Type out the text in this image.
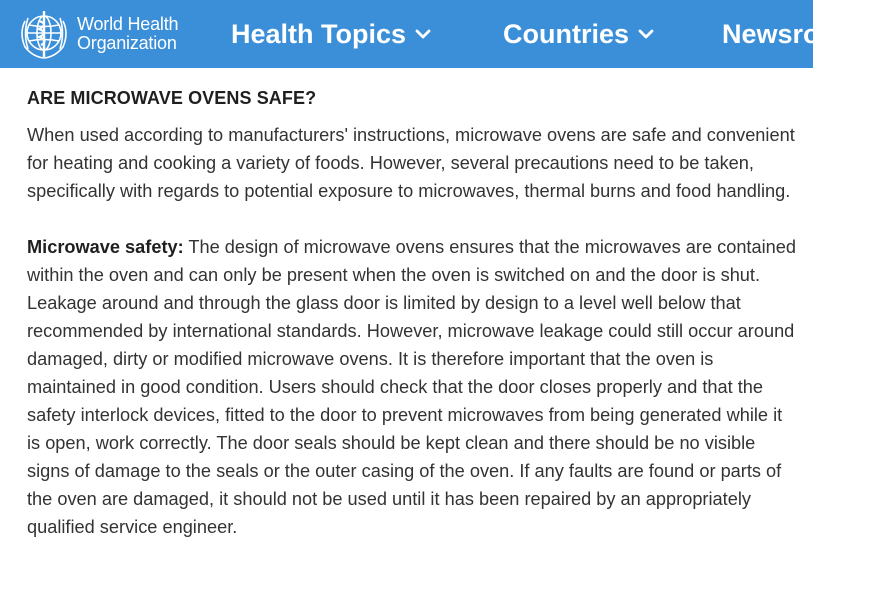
World Health
Organization Health Topics	Countries	Newsroom
ARE MICROWAVE OVENS SAFE?

When used according to manufacturers' instructions, microwave ovens are safe and convenient for heating and cooking a variety of foods. However, several precautions need to be taken, specifically with regards to potential exposure to microwaves, thermal burns and food handling.

Microwave safety: The design of microwave ovens ensures that the microwaves are contained within the oven and can only be present when the oven is switched on and the door is shut. Leakage around and through the glass door is limited by design to a level well below that recommended by international standards. However, microwave leakage could still occur around damaged, dirty or modified microwave ovens. It is therefore important that the oven is maintained in good condition. Users should check that the door closes properly and that the safety interlock devices, fitted to the door to prevent microwaves from being generated while it is open, work correctly. The door seals should be kept clean and there should be no visible signs of damage to the seals or the outer casing of the oven. If any faults are found or parts of the oven are damaged, it should not be used until it has been repaired by an appropriately qualified service engineer.
